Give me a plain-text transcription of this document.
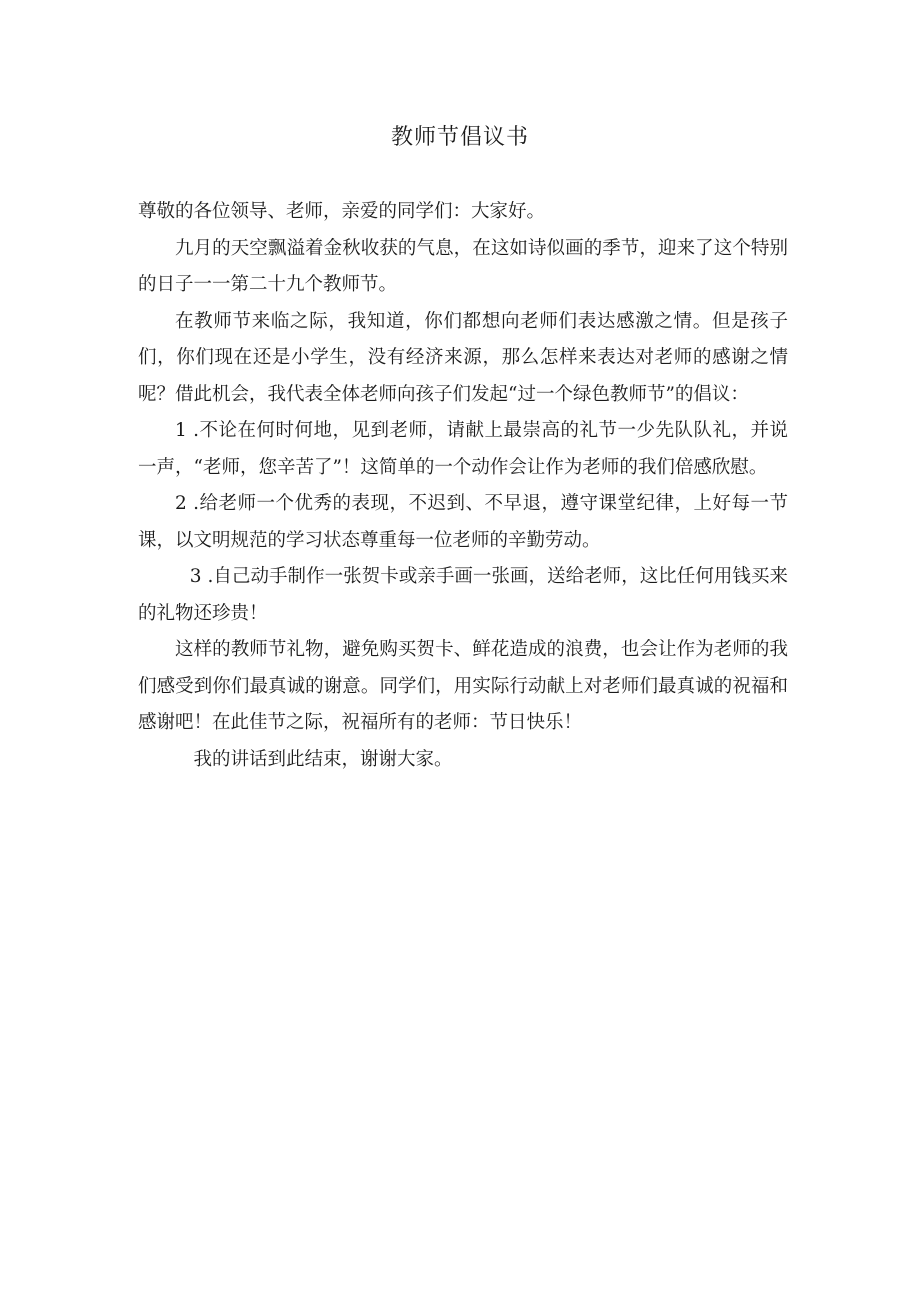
教师节倡议书

尊敬的各位领导、老师，亲爱的同学们：大家好。

九月的天空飘溢着金秋收获的气息，在这如诗似画的季节，迎来了这个特别的日子一一第二十九个教师节。

在教师节来临之际，我知道，你们都想向老师们表达感激之情。但是孩子们，你们现在还是小学生，没有经济来源，那么怎样来表达对老师的感谢之情呢？借此机会，我代表全体老师向孩子们发起“过一个绿色教师节”的倡议：

1 .不论在何时何地，见到老师，请献上最崇高的礼节一少先队队礼，并说一声，“老师，您辛苦了”！这简单的一个动作会让作为老师的我们倍感欣慰。

2 .给老师一个优秀的表现，不迟到、不早退，遵守课堂纪律，上好每一节课，以文明规范的学习状态尊重每一位老师的辛勤劳动。

3 .自己动手制作一张贺卡或亲手画一张画，送给老师，这比任何用钱买来的礼物还珍贵！

这样的教师节礼物，避免购买贺卡、鲜花造成的浪费，也会让作为老师的我们感受到你们最真诚的谢意。同学们，用实际行动献上对老师们最真诚的祝福和感谢吧！在此佳节之际，祝福所有的老师：节日快乐！

我的讲话到此结束，谢谢大家。
